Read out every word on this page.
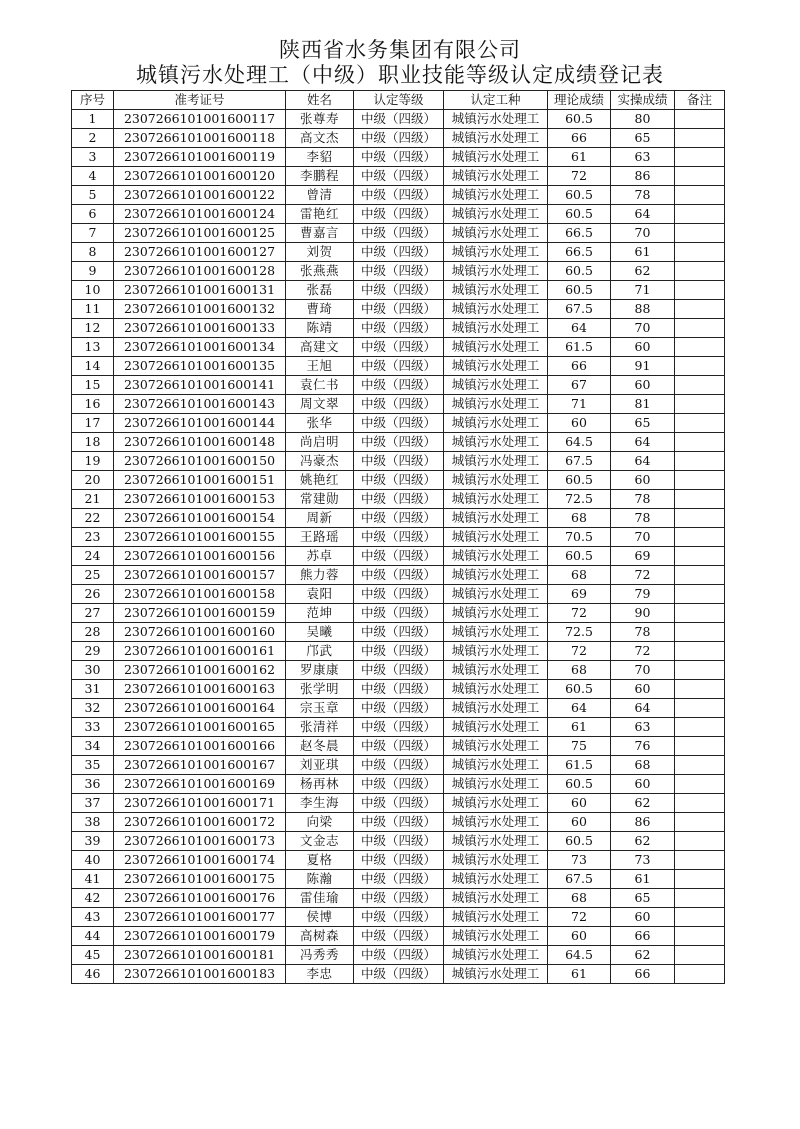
陕西省水务集团有限公司
城镇污水处理工（中级）职业技能等级认定成绩登记表
序号	准考证号	姓名	认定等级	认定工种	理论成绩	实操成绩	备注
1	2307266101001600117	张尊寿	中级（四级）	城镇污水处理工	60.5	80	
2	2307266101001600118	高文杰	中级（四级）	城镇污水处理工	66	65	
3	2307266101001600119	李貂	中级（四级）	城镇污水处理工	61	63	
4	2307266101001600120	李鹏程	中级（四级）	城镇污水处理工	72	86	
5	2307266101001600122	曾清	中级（四级）	城镇污水处理工	60.5	78	
6	2307266101001600124	雷艳红	中级（四级）	城镇污水处理工	60.5	64	
7	2307266101001600125	曹嘉言	中级（四级）	城镇污水处理工	66.5	70	
8	2307266101001600127	刘贺	中级（四级）	城镇污水处理工	66.5	61	
9	2307266101001600128	张燕燕	中级（四级）	城镇污水处理工	60.5	62	
10	2307266101001600131	张磊	中级（四级）	城镇污水处理工	60.5	71	
11	2307266101001600132	曹琦	中级（四级）	城镇污水处理工	67.5	88	
12	2307266101001600133	陈靖	中级（四级）	城镇污水处理工	64	70	
13	2307266101001600134	高建文	中级（四级）	城镇污水处理工	61.5	60	
14	2307266101001600135	王旭	中级（四级）	城镇污水处理工	66	91	
15	2307266101001600141	袁仁书	中级（四级）	城镇污水处理工	67	60	
16	2307266101001600143	周文翠	中级（四级）	城镇污水处理工	71	81	
17	2307266101001600144	张华	中级（四级）	城镇污水处理工	60	65	
18	2307266101001600148	尚启明	中级（四级）	城镇污水处理工	64.5	64	
19	2307266101001600150	冯豪杰	中级（四级）	城镇污水处理工	67.5	64	
20	2307266101001600151	姚艳红	中级（四级）	城镇污水处理工	60.5	60	
21	2307266101001600153	常建勋	中级（四级）	城镇污水处理工	72.5	78	
22	2307266101001600154	周新	中级（四级）	城镇污水处理工	68	78	
23	2307266101001600155	王路瑶	中级（四级）	城镇污水处理工	70.5	70	
24	2307266101001600156	苏卓	中级（四级）	城镇污水处理工	60.5	69	
25	2307266101001600157	熊力蓉	中级（四级）	城镇污水处理工	68	72	
26	2307266101001600158	袁阳	中级（四级）	城镇污水处理工	69	79	
27	2307266101001600159	范坤	中级（四级）	城镇污水处理工	72	90	
28	2307266101001600160	吴曦	中级（四级）	城镇污水处理工	72.5	78	
29	2307266101001600161	邝武	中级（四级）	城镇污水处理工	72	72	
30	2307266101001600162	罗康康	中级（四级）	城镇污水处理工	68	70	
31	2307266101001600163	张学明	中级（四级）	城镇污水处理工	60.5	60	
32	2307266101001600164	宗玉章	中级（四级）	城镇污水处理工	64	64	
33	2307266101001600165	张清祥	中级（四级）	城镇污水处理工	61	63	
34	2307266101001600166	赵冬晨	中级（四级）	城镇污水处理工	75	76	
35	2307266101001600167	刘亚琪	中级（四级）	城镇污水处理工	61.5	68	
36	2307266101001600169	杨再林	中级（四级）	城镇污水处理工	60.5	60	
37	2307266101001600171	李生海	中级（四级）	城镇污水处理工	60	62	
38	2307266101001600172	向梁	中级（四级）	城镇污水处理工	60	86	
39	2307266101001600173	文金志	中级（四级）	城镇污水处理工	60.5	62	
40	2307266101001600174	夏格	中级（四级）	城镇污水处理工	73	73	
41	2307266101001600175	陈瀚	中级（四级）	城镇污水处理工	67.5	61	
42	2307266101001600176	雷佳瑜	中级（四级）	城镇污水处理工	68	65	
43	2307266101001600177	侯博	中级（四级）	城镇污水处理工	72	60	
44	2307266101001600179	高树森	中级（四级）	城镇污水处理工	60	66	
45	2307266101001600181	冯秀秀	中级（四级）	城镇污水处理工	64.5	62	
46	2307266101001600183	李忠	中级（四级）	城镇污水处理工	61	66	
